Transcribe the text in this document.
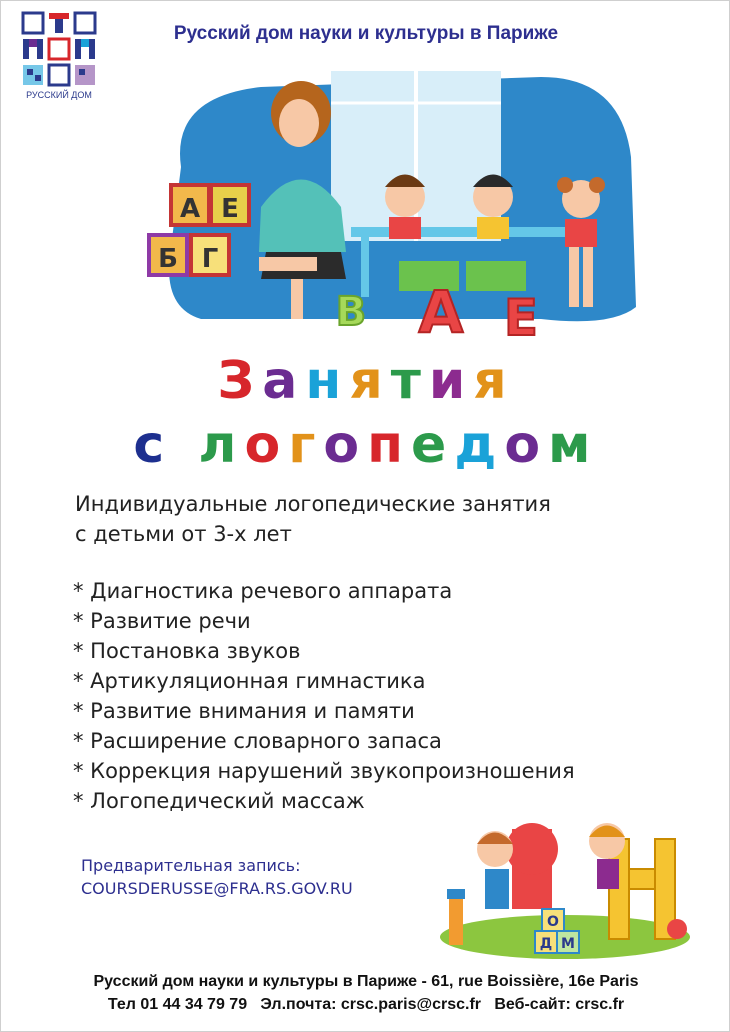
РУССКИЙ ДОМ
Русский дом науки и культуры в Париже
А Е
Б Г
В А Е
Занятия
с логопедом
Индивидуальные логопедические занятия
с детьми от 3-х лет
* Диагностика речевого аппарата
* Развитие речи
* Постановка звуков
* Артикуляционная гимнастика
* Развитие внимания и памяти
* Расширение словарного запаса
* Коррекция нарушений звукопроизношения
* Логопедический массаж
Предварительная запись:
COURSDERUSSE@FRA.RS.GOV.RU
О
Д М
Русский дом науки и культуры в Париже - 61, rue Boissière, 16e Paris
Тел 01 44 34 79 79   Эл.почта: crsc.paris@crsc.fr   Веб-сайт: crsc.fr
